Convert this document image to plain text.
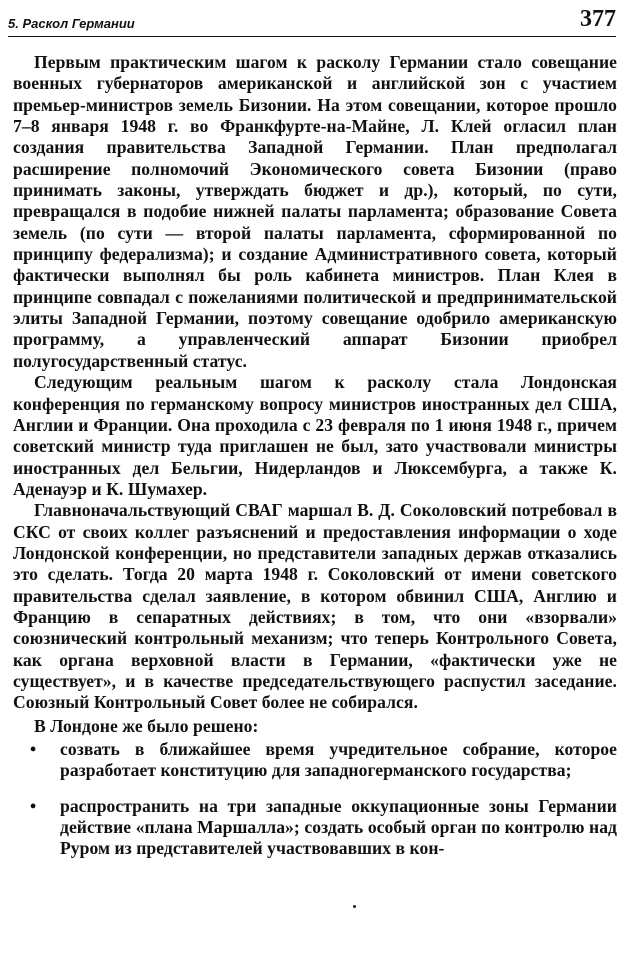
5. Раскол Германии	377

Первым практическим шагом к расколу Германии стало совещание военных губернаторов американской и английской зон с участием премьер-министров земель Бизонии. На этом совещании, которое прошло 7–8 января 1948 г. во Франкфурте-на-Майне, Л. Клей огласил план создания правительства Западной Германии. План предполагал расширение полномочий Экономического совета Бизонии (право принимать законы, утверждать бюджет и др.), который, по сути, превращался в подобие нижней палаты парламента; образование Совета земель (по сути — второй палаты парламента, сформированной по принципу федерализма); и создание Административного совета, который фактически выполнял бы роль кабинета министров. План Клея в принципе совпадал с пожеланиями политической и предпринимательской элиты Западной Германии, поэтому совещание одобрило американскую программу, а управленческий аппарат Бизонии приобрел полугосударственный статус.

Следующим реальным шагом к расколу стала Лондонская конференция по германскому вопросу министров иностранных дел США, Англии и Франции. Она проходила с 23 февраля по 1 июня 1948 г., причем советский министр туда приглашен не был, зато участвовали министры иностранных дел Бельгии, Нидерландов и Люксембурга, а также К. Аденауэр и К. Шумахер.

Главноначальствующий СВАГ маршал В. Д. Соколовский потребовал в СКС от своих коллег разъяснений и предоставления информации о ходе Лондонской конференции, но представители западных держав отказались это сделать. Тогда 20 марта 1948 г. Соколовский от имени советского правительства сделал заявление, в котором обвинил США, Англию и Францию в сепаратных действиях; в том, что они «взорвали» союзнический контрольный механизм; что теперь Контрольного Совета, как органа верховной власти в Германии, «фактически уже не существует», и в качестве председательствующего распустил заседание. Союзный Контрольный Совет более не собирался.

В Лондоне же было решено:

• созвать в ближайшее время учредительное собрание, которое разработает конституцию для западногерманского государства;
• распространить на три западные оккупационные зоны Германии действие «плана Маршалла»; создать особый орган по контролю над Руром из представителей участвовавших в кон-
